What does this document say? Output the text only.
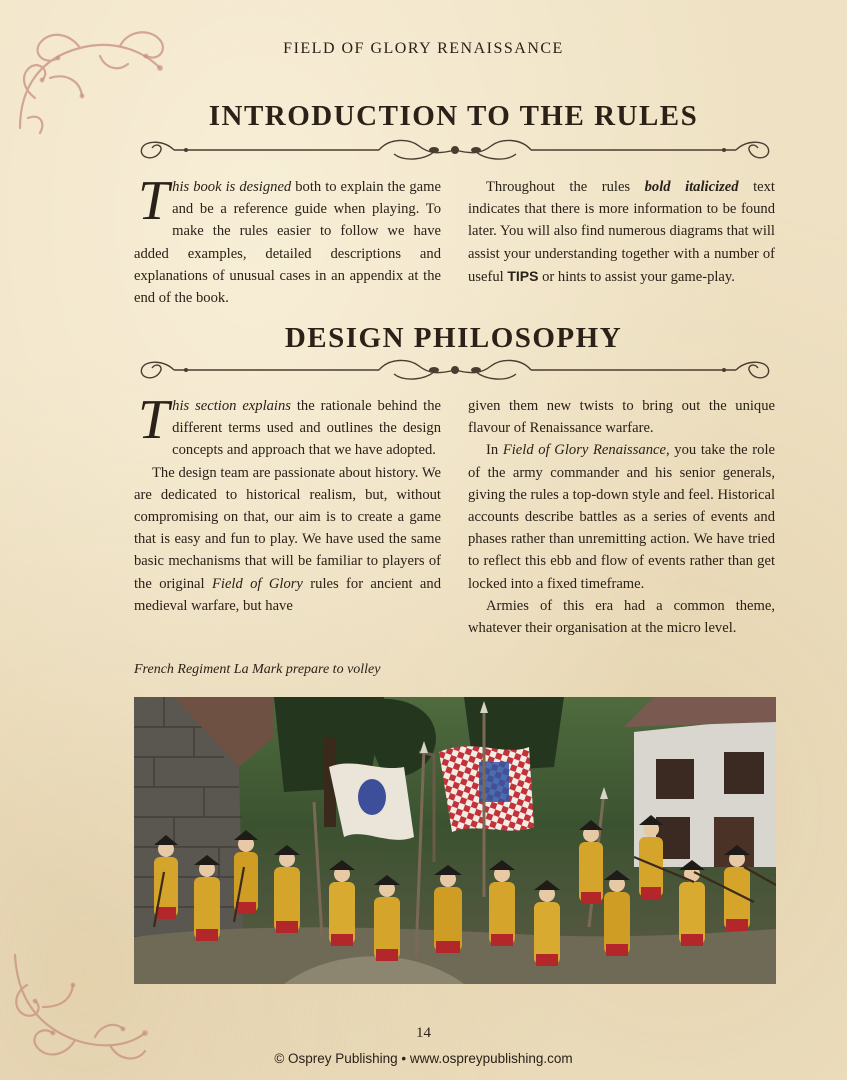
FIELD OF GLORY RENAISSANCE
INTRODUCTION TO THE RULES

This book is designed both to explain the game and be a reference guide when playing. To make the rules easier to follow we have added examples, detailed descriptions and explanations of unusual cases in an appendix at the end of the book.

Throughout the rules bold italicized text indicates that there is more information to be found later. You will also find numerous diagrams that will assist your understanding together with a number of useful TIPS or hints to assist your game-play.

DESIGN PHILOSOPHY

This section explains the rationale behind the different terms used and outlines the design concepts and approach that we have adopted.

The design team are passionate about history. We are dedicated to historical realism, but, without compromising on that, our aim is to create a game that is easy and fun to play. We have used the same basic mechanisms that will be familiar to players of the original Field of Glory rules for ancient and medieval warfare, but have

given them new twists to bring out the unique flavour of Renaissance warfare.

In Field of Glory Renaissance, you take the role of the army commander and his senior generals, giving the rules a top-down style and feel. Historical accounts describe battles as a series of events and phases rather than unremitting action. We have tried to reflect this ebb and flow of events rather than get locked into a fixed timeframe.

Armies of this era had a common theme, whatever their organisation at the micro level.

French Regiment La Mark prepare to volley
14
© Osprey Publishing • www.ospreypublishing.com
